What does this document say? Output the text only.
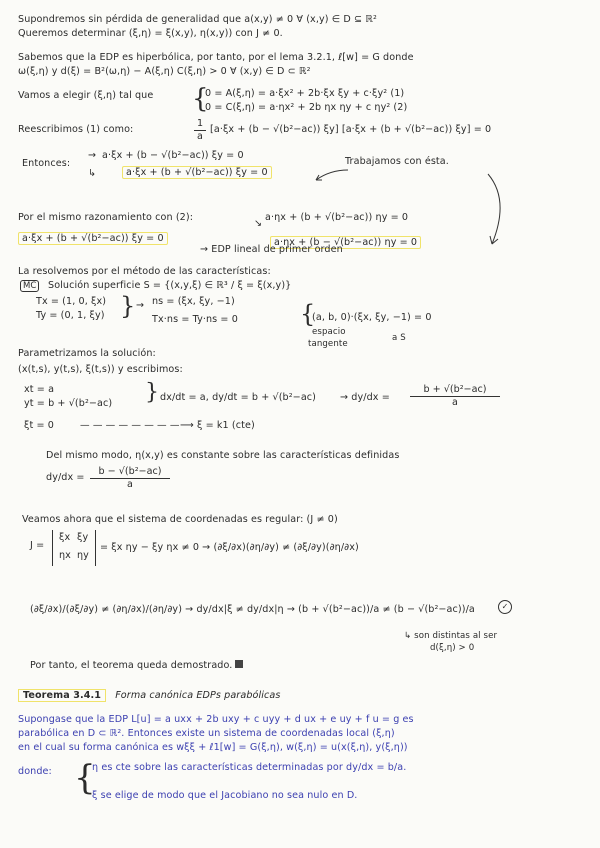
Supondremos sin pérdida de generalidad que a(x,y) ≠ 0 ∀ (x,y) ∈ D ⊆ ℝ²
Queremos determinar (ξ,η) = ξ(x,y), η(x,y)) con J ≠ 0.
Sabemos que la EDP es hiperbólica, por tanto, por el lema 3.2.1, ℓ[w] = G donde
ω(ξ,η) y d(ξ) = B²(ω,η) − A(ξ,η) C(ξ,η) > 0 ∀ (x,y) ∈ D ⊂ ℝ²
Vamos a elegir (ξ,η) tal que {
0 = A(ξ,η) = a·ξx² + 2b·ξx ξy + c·ξy² (1)
0 = C(ξ,η) = a·ηx² + 2b ηx ηy + c ηy² (2)
Reescribimos (1) como:	$\frac{1}{a} [a\cdot\xi x + (b - √(b^2-ac))$ ξy] [a·ξx + (b + √(b²−ac)) ξy] = 0
Entonces:
→ a·ξx + (b − √(b²−ac)) ξy = 0
↳	a·ξx + (b + √(b²−ac)) ξy = 0
Trabajamos con ésta.
Por el mismo razonamiento con (2):	a·ηx + (b + √(b²−ac)) ηy = 0
↘
a·ηx + (b − √(b²−ac)) ηy = 0
a·ξx + (b + √(b²−ac)) ξy = 0
→ EDP lineal de primer orden
La resolvemos por el método de las características:
MC	Solución superficie S = {(x,y,ξ) ∈ ℝ³ / ξ = ξ(x,y)}
Tx = (1, 0, ξx)
Ty = (0, 1, ξy) } → ns = (ξx, ξy, −1)
Tx·ns = Ty·ns = 0	{
(a, b, 0)·(ξx, ξy, −1) = 0
espacio
tangente
a S
Parametrizamos la solución:
(x(t,s), y(t,s), ξ(t,s)) y escribimos:
xt = a
yt = b + √(b²−ac)
ξt = 0
} dx/dt = a, $dy/dt = b + √(b^2-ac) \to dy/dx = \frac{\text{b + √(b²−ac)}}{a}$
— — — — — — — — ⟶ ξ = k1 (cte)
Del mismo modo, η(x,y) es constante sobre las características definidas
$dy/dx = \frac{\text{b − √(b²−ac)}}{a}$
Veamos ahora que el sistema de coordenadas es regular: (J ≠ 0)
J =
ξx ξy
ηx ηy
= ξx ηy − ξy ηx ≠ 0 → (∂ξ/∂x)(∂η/∂y) ≠ (∂ξ/∂y)(∂η/∂x)
(∂ξ/∂x)/(∂ξ/∂y) ≠ (∂η/∂x)/(∂η/∂y) → dy/dx|ξ ≠ dy/dx|η → (b + √(b²−ac))/a ≠ (b − √(b²−ac))/a	✓
↳ son distintas al ser
d(ξ,η) > 0
Por tanto, el teorema queda demostrado.
Teorema 3.4.1 Forma canónica EDPs parabólicas
Supongase que la EDP L[u] = a uxx + 2b uxy + c uyy + d ux + e uy + f u = g es
parabólica en D ⊂ ℝ². Entonces existe un sistema de coordenadas local (ξ,η)
en el cual su forma canónica es wξξ + ℓ1[w] = G(ξ,η), w(ξ,η) = u(x(ξ,η), y(ξ,η))
donde: {
η es cte sobre las características determinadas por dy/dx = b/a.
ξ se elige de modo que el Jacobiano no sea nulo en D.
